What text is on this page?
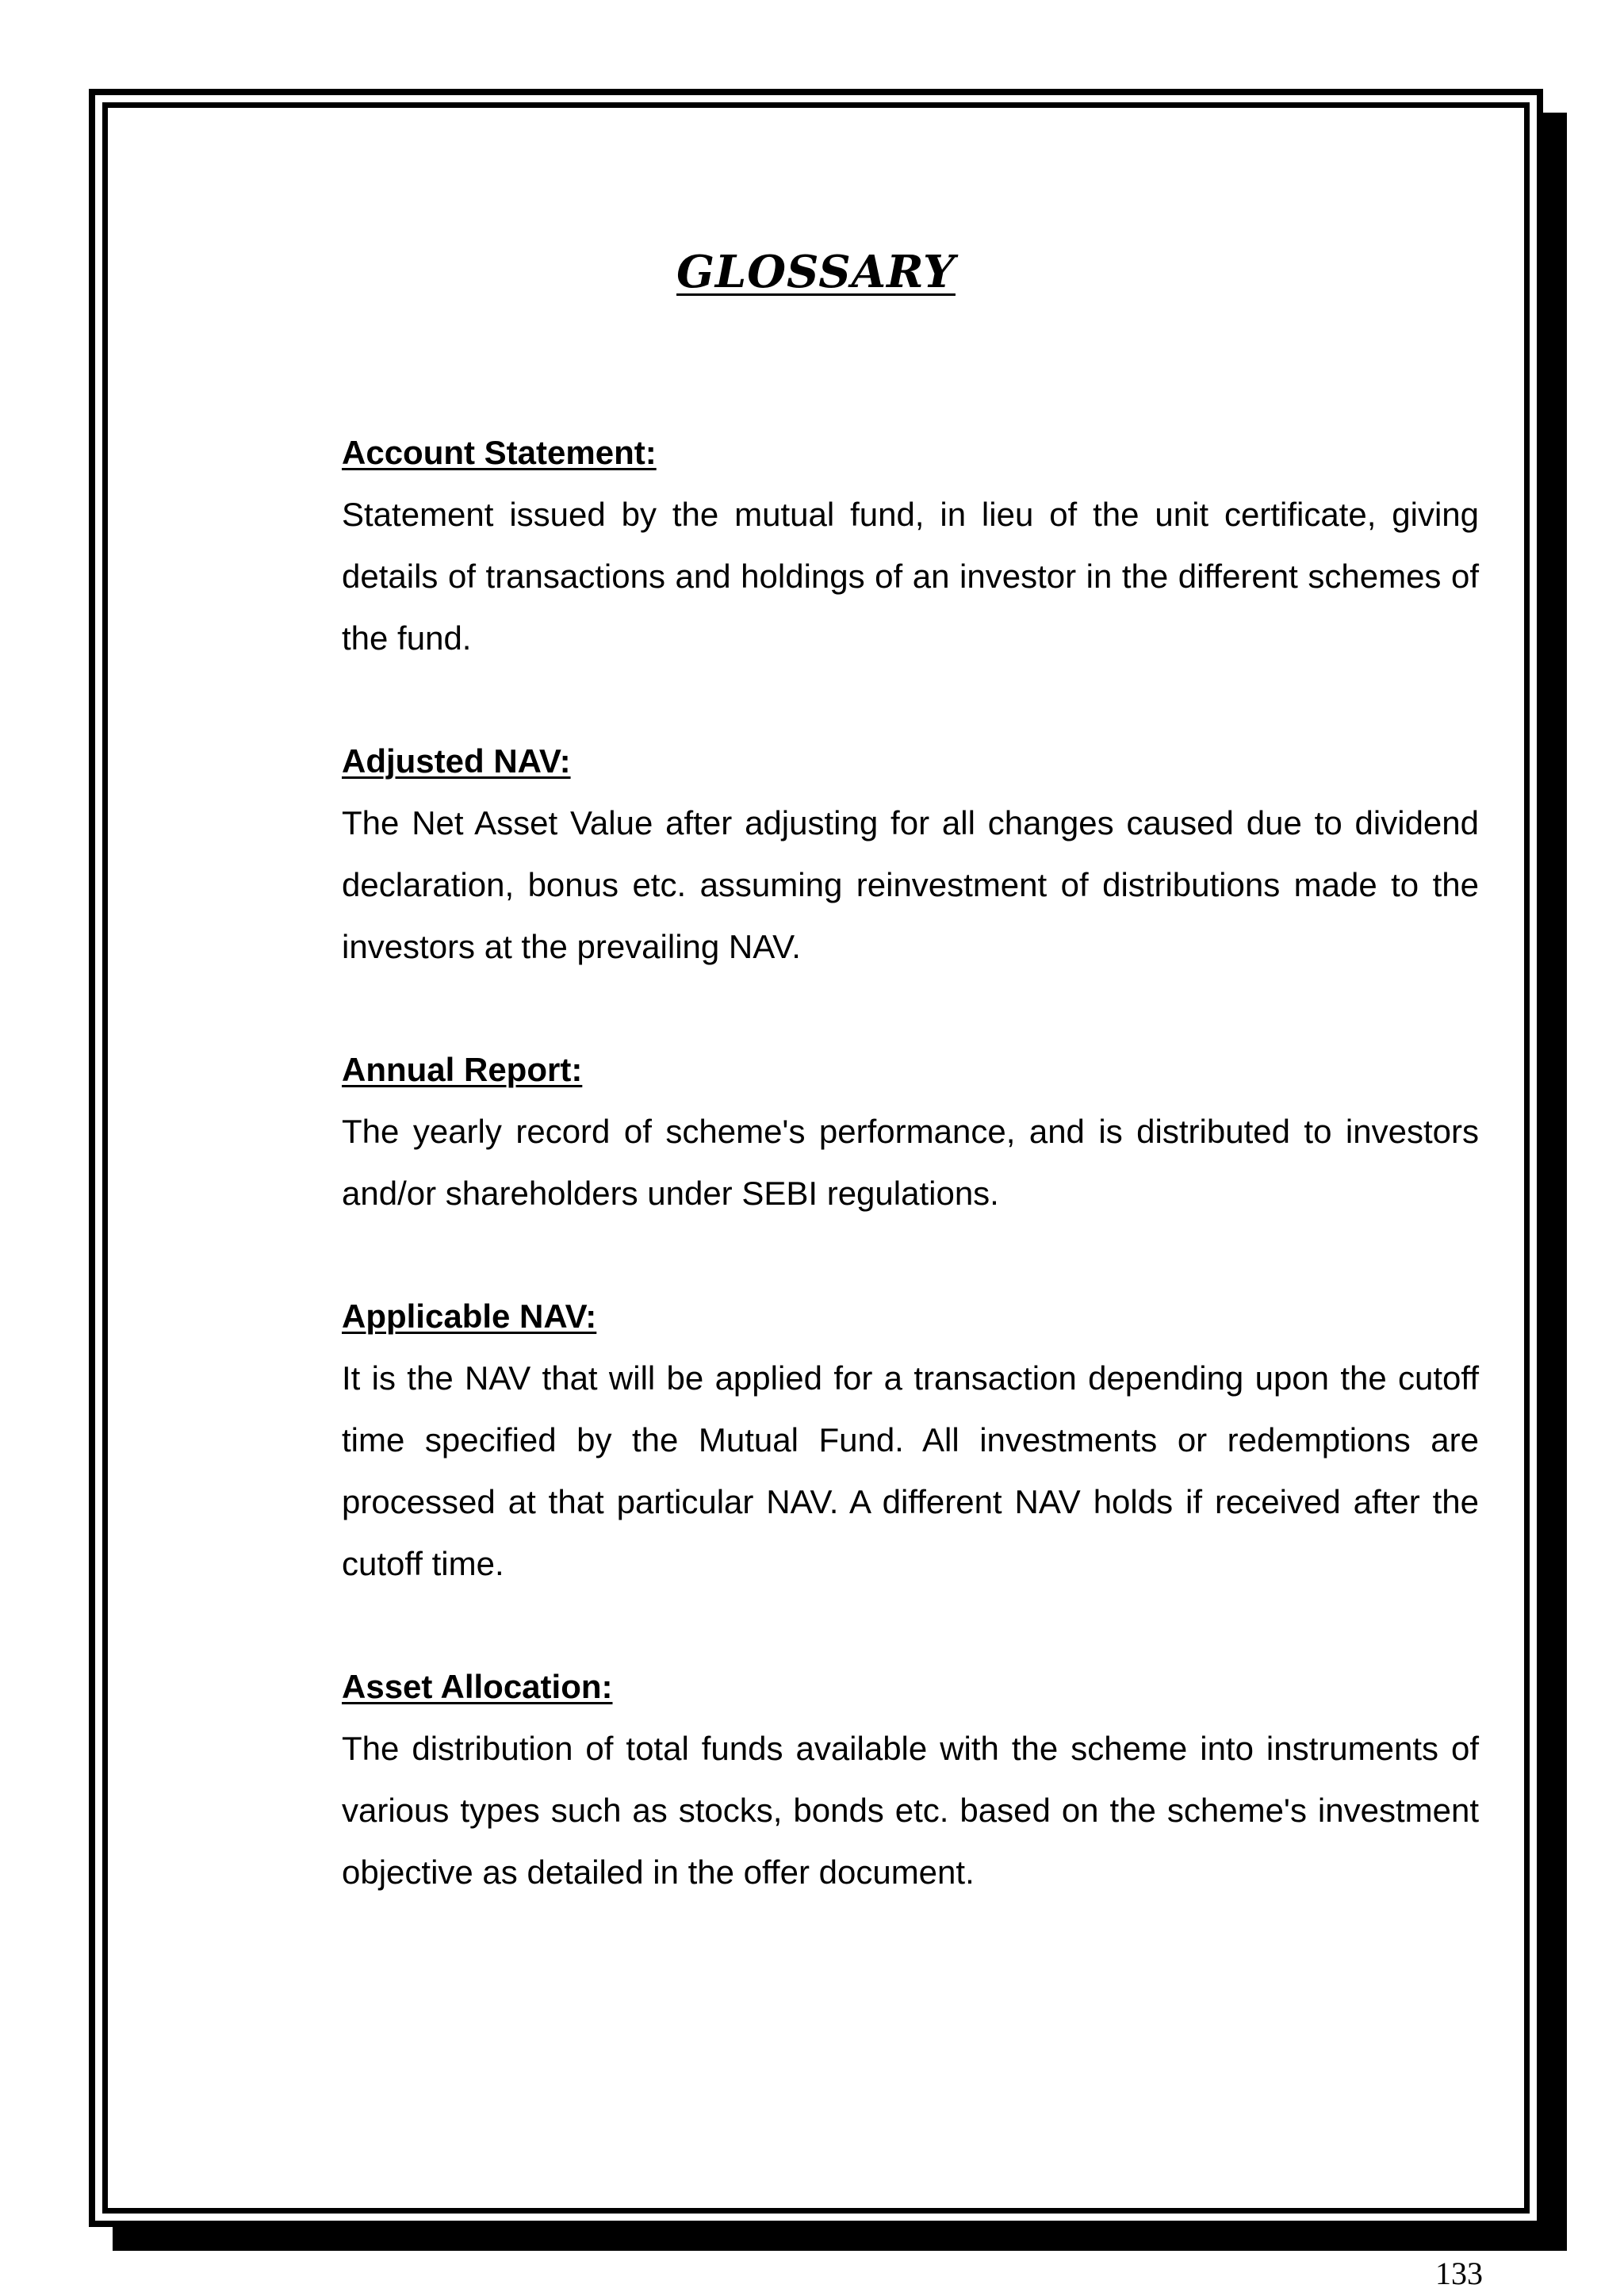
GLOSSARY

Account Statement:

Statement issued by the mutual fund, in lieu of the unit certificate, giving details of transactions and holdings of an investor in the different schemes of the fund.

Adjusted NAV:

The Net Asset Value after adjusting for all changes caused due to dividend declaration, bonus etc. assuming reinvestment of distributions made to the investors at the prevailing NAV.

Annual Report:

The yearly record of scheme's performance, and is distributed to investors and/or shareholders under SEBI regulations.

Applicable NAV:

It is the NAV that will be applied for a transaction depending upon the cutoff time specified by the Mutual Fund. All investments or redemptions are processed at that particular NAV. A different NAV holds if received after the cutoff time.

Asset Allocation:

The distribution of total funds available with the scheme into instruments of various types such as stocks, bonds etc. based on the scheme's investment objective as detailed in the offer document.

133
